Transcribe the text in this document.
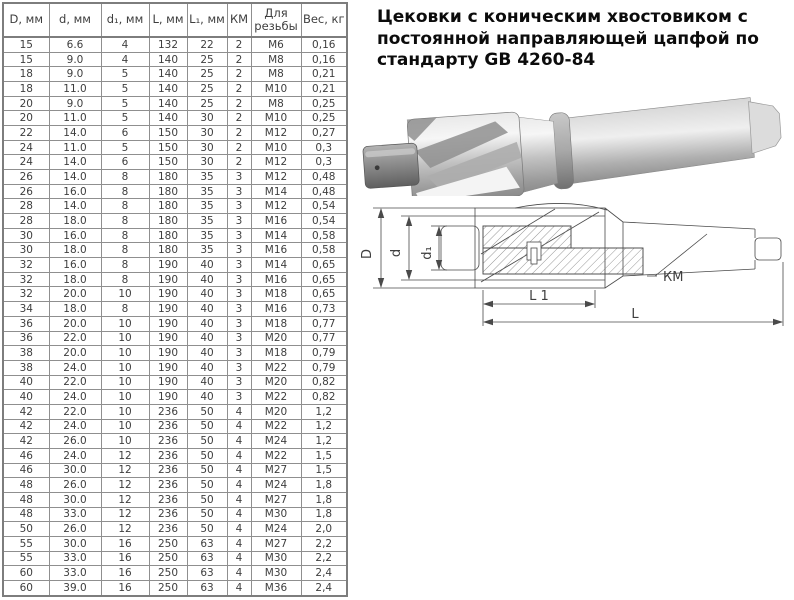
D, мм	d, мм	d₁, мм	L, мм	L₁, мм	КМ	Для резьбы	Вес, кг
15	6.6	4	132	22	2	М6	0,16
15	9.0	4	140	25	2	М8	0,16
18	9.0	5	140	25	2	М8	0,21
18	11.0	5	140	25	2	М10	0,21
20	9.0	5	140	25	2	М8	0,25
20	11.0	5	140	30	2	М10	0,25
22	14.0	6	150	30	2	М12	0,27
24	11.0	5	150	30	2	М10	0,3
24	14.0	6	150	30	2	М12	0,3
26	14.0	8	180	35	3	М12	0,48
26	16.0	8	180	35	3	М14	0,48
28	14.0	8	180	35	3	М12	0,54
28	18.0	8	180	35	3	М16	0,54
30	16.0	8	180	35	3	М14	0,58
30	18.0	8	180	35	3	М16	0,58
32	16.0	8	190	40	3	М14	0,65
32	18.0	8	190	40	3	М16	0,65
32	20.0	10	190	40	3	М18	0,65
34	18.0	8	190	40	3	М16	0,73
36	20.0	10	190	40	3	М18	0,77
36	22.0	10	190	40	3	М20	0,77
38	20.0	10	190	40	3	М18	0,79
38	24.0	10	190	40	3	М22	0,79
40	22.0	10	190	40	3	М20	0,82
40	24.0	10	190	40	3	М22	0,82
42	22.0	10	236	50	4	М20	1,2
42	24.0	10	236	50	4	М22	1,2
42	26.0	10	236	50	4	М24	1,2
46	24.0	12	236	50	4	М22	1,5
46	30.0	12	236	50	4	М27	1,5
48	26.0	12	236	50	4	М24	1,8
48	30.0	12	236	50	4	М27	1,8
48	33.0	12	236	50	4	М30	1,8
50	26.0	12	236	50	4	М24	2,0
55	30.0	16	250	63	4	М27	2,2
55	33.0	16	250	63	4	М30	2,2
60	33.0	16	250	63	4	М30	2,4
60	39.0	16	250	63	4	М36	2,4
Цековки с коническим хвостовиком с постоянной направляющей цапфой по стандарту GB 4260-84
D d d₁
L 1
L
КМ
